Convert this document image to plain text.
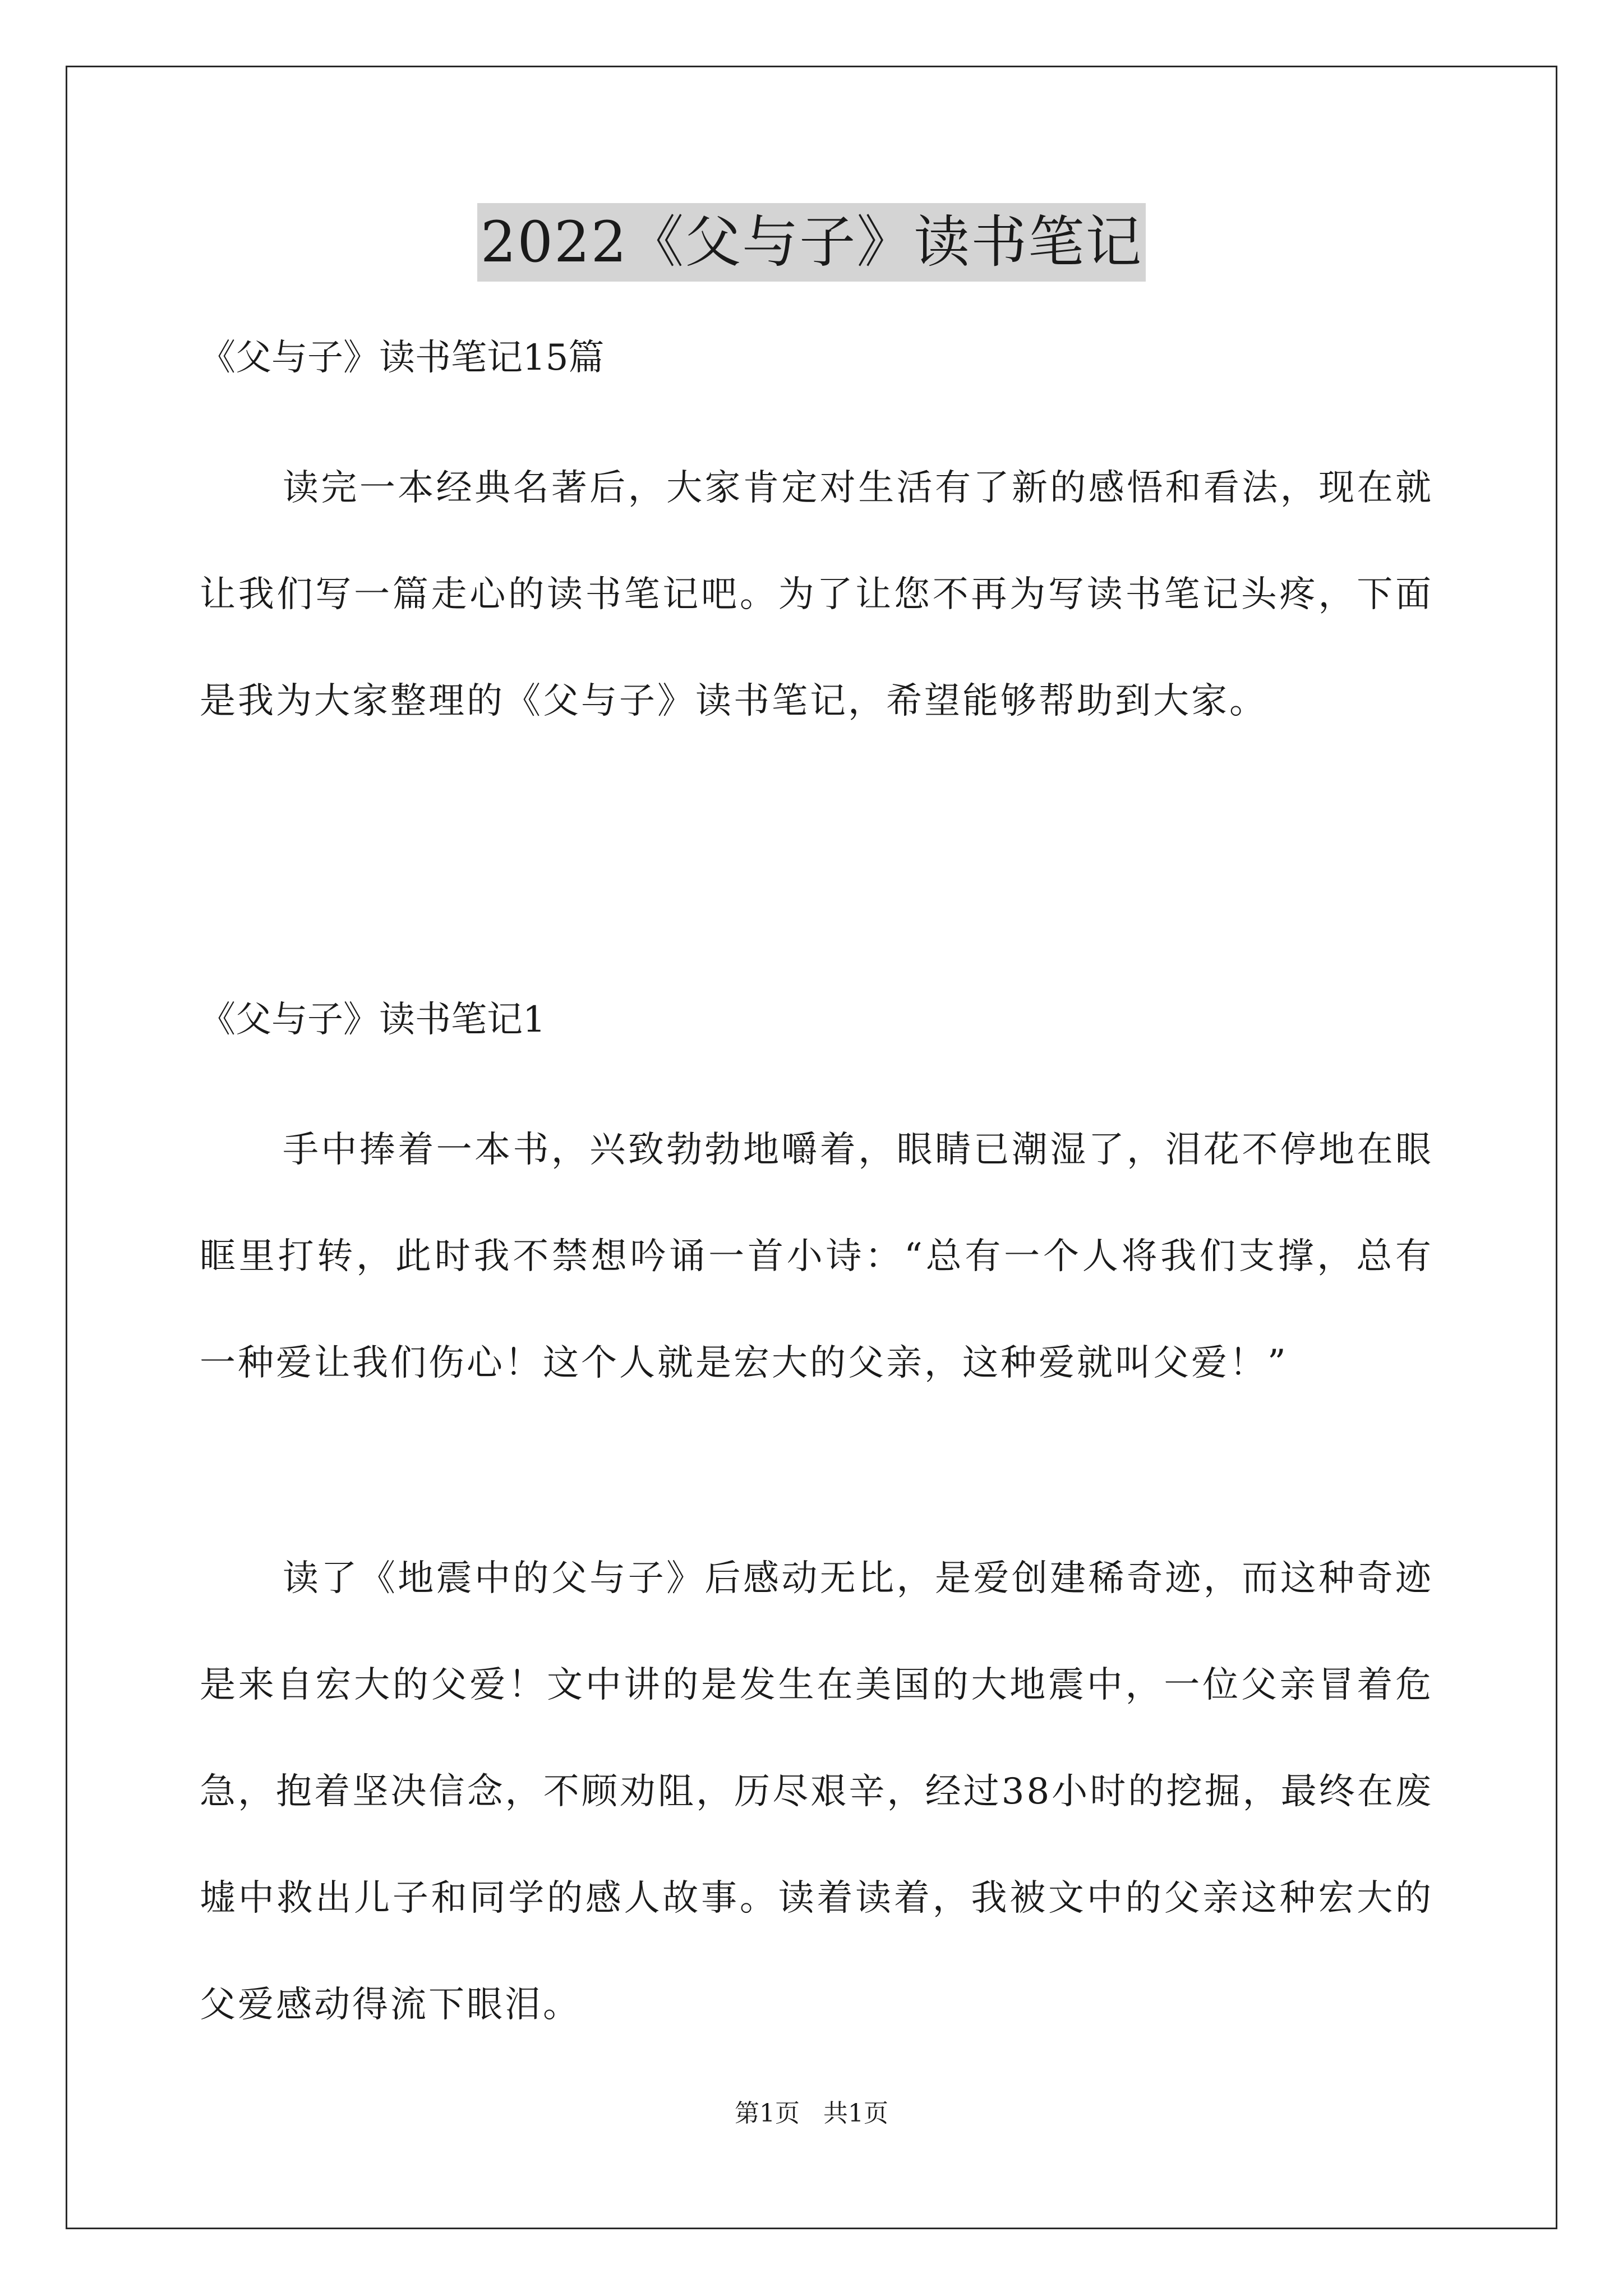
2022《父与子》读书笔记
《父与子》读书笔记15篇

读完一本经典名著后，大家肯定对生活有了新的感悟和看法，现在就让我们写一篇走心的读书笔记吧。为了让您不再为写读书笔记头疼，下面是我为大家整理的《父与子》读书笔记，希望能够帮助到大家。

《父与子》读书笔记1

手中捧着一本书，兴致勃勃地嚼着，眼睛已潮湿了，泪花不停地在眼眶里打转，此时我不禁想吟诵一首小诗：“总有一个人将我们支撑，总有一种爱让我们伤心！这个人就是宏大的父亲，这种爱就叫父爱！”

读了《地震中的父与子》后感动无比，是爱创建稀奇迹，而这种奇迹是来自宏大的父爱！文中讲的是发生在美国的大地震中，一位父亲冒着危急，抱着坚决信念，不顾劝阻，历尽艰辛，经过38小时的挖掘，最终在废墟中救出儿子和同学的感人故事。读着读着，我被文中的父亲这种宏大的父爱感动得流下眼泪。

第1页   共1页
